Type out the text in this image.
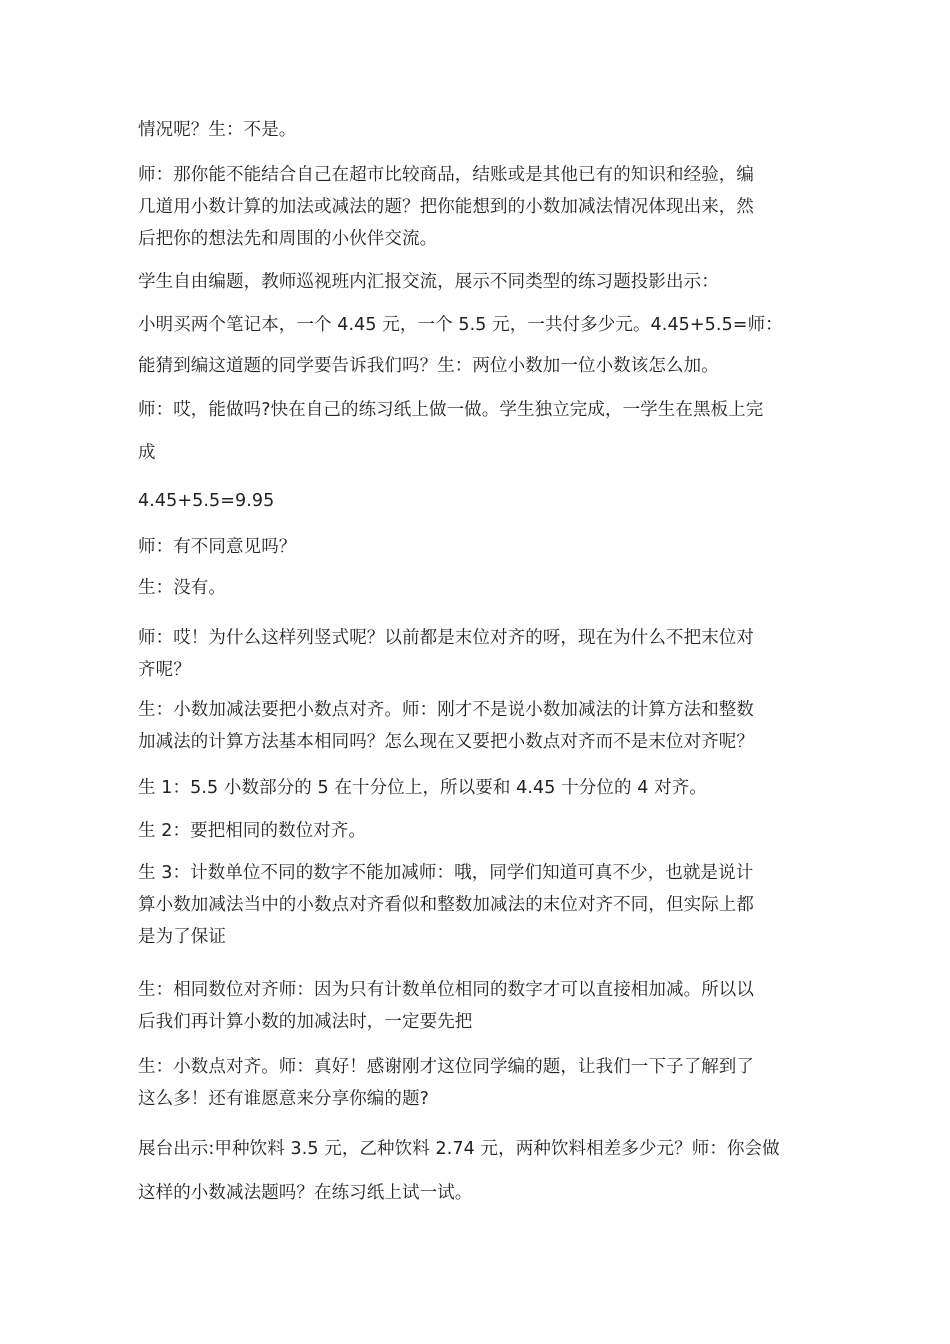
情况呢？生：不是。

师：那你能不能结合自己在超市比较商品，结账或是其他已有的知识和经验，编
几道用小数计算的加法或减法的题？把你能想到的小数加减法情况体现出来，然
后把你的想法先和周围的小伙伴交流。

学生自由编题，教师巡视班内汇报交流，展示不同类型的练习题投影出示：

小明买两个笔记本，一个 4.45 元，一个 5.5 元，一共付多少元。4.45+5.5=师：

能猜到编这道题的同学要告诉我们吗？生：两位小数加一位小数该怎么加。

师：哎，能做吗?快在自己的练习纸上做一做。学生独立完成，一学生在黑板上完

成

4.45+5.5=9.95

师：有不同意见吗？

生：没有。

师：哎！为什么这样列竖式呢？以前都是末位对齐的呀，现在为什么不把末位对
齐呢？

生：小数加减法要把小数点对齐。师：刚才不是说小数加减法的计算方法和整数
加减法的计算方法基本相同吗？怎么现在又要把小数点对齐而不是末位对齐呢？

生 1：5.5 小数部分的 5 在十分位上，所以要和 4.45 十分位的 4 对齐。

生 2：要把相同的数位对齐。

生 3：计数单位不同的数字不能加减师：哦，同学们知道可真不少，也就是说计
算小数加减法当中的小数点对齐看似和整数加减法的末位对齐不同，但实际上都
是为了保证

生：相同数位对齐师：因为只有计数单位相同的数字才可以直接相加减。所以以
后我们再计算小数的加减法时，一定要先把

生：小数点对齐。师：真好！感谢刚才这位同学编的题，让我们一下子了解到了
这么多！还有谁愿意来分享你编的题?

展台出示:甲种饮料 3.5 元，乙种饮料 2.74 元，两种饮料相差多少元？师：你会做

这样的小数减法题吗？在练习纸上试一试。
